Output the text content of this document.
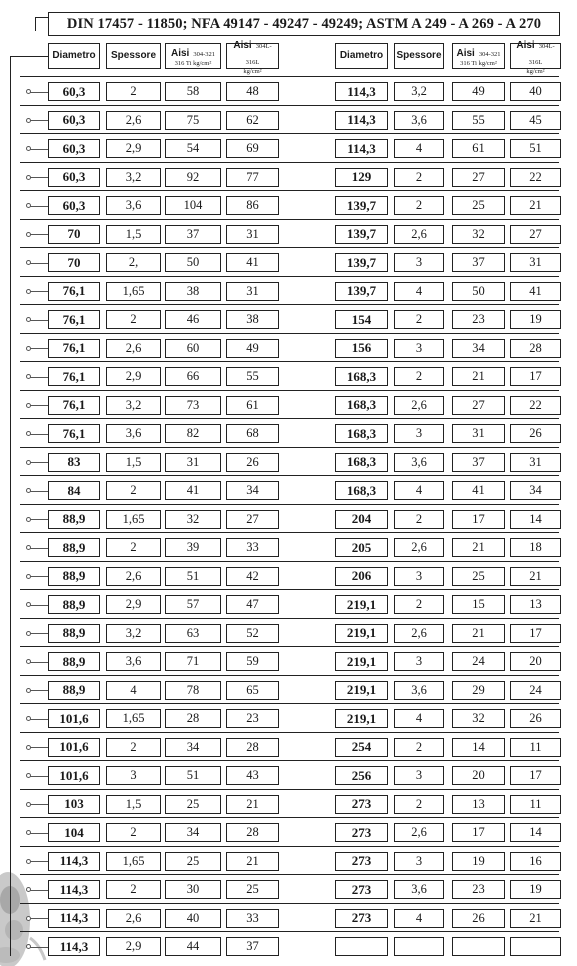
DIN 17457 - 11850; NFA 49147 - 49247 - 49249; ASTM A 249 - A 269 - A 270
Diametro Spessore Aisi 304-321
316 Ti kg/cm²
Aisi 304L-316L
kg/cm²
Diametro Spessore Aisi 304-321
316 Ti kg/cm²
Aisi 304L-316L
kg/cm²
60,3	2	58	48	114,3	3,2	49	40
60,3	2,6	75	62	114,3	3,6	55	45
60,3	2,9	54	69	114,3	4	61	51
60,3	3,2	92	77	129	2	27	22
60,3	3,6	104	86	139,7	2	25	21
70	1,5	37	31	139,7	2,6	32	27
70	2,	50	41	139,7	3	37	31
76,1	1,65	38	31	139,7	4	50	41
76,1	2	46	38	154	2	23	19
76,1	2,6	60	49	156	3	34	28
76,1	2,9	66	55	168,3	2	21	17
76,1	3,2	73	61	168,3	2,6	27	22
76,1	3,6	82	68	168,3	3	31	26
83	1,5	31	26	168,3	3,6	37	31
84	2	41	34	168,3	4	41	34
88,9	1,65	32	27	204	2	17	14
88,9	2	39	33	205	2,6	21	18
88,9	2,6	51	42	206	3	25	21
88,9	2,9	57	47	219,1	2	15	13
88,9	3,2	63	52	219,1	2,6	21	17
88,9	3,6	71	59	219,1	3	24	20
88,9	4	78	65	219,1	3,6	29	24
101,6	1,65	28	23	219,1	4	32	26
101,6	2	34	28	254	2	14	11
101,6	3	51	43	256	3	20	17
103	1,5	25	21	273	2	13	11
104	2	34	28	273	2,6	17	14
114,3	1,65	25	21	273	3	19	16
114,3	2	30	25	273	3,6	23	19
114,3	2,6	40	33	273	4	26	21
114,3	2,9	44	37
